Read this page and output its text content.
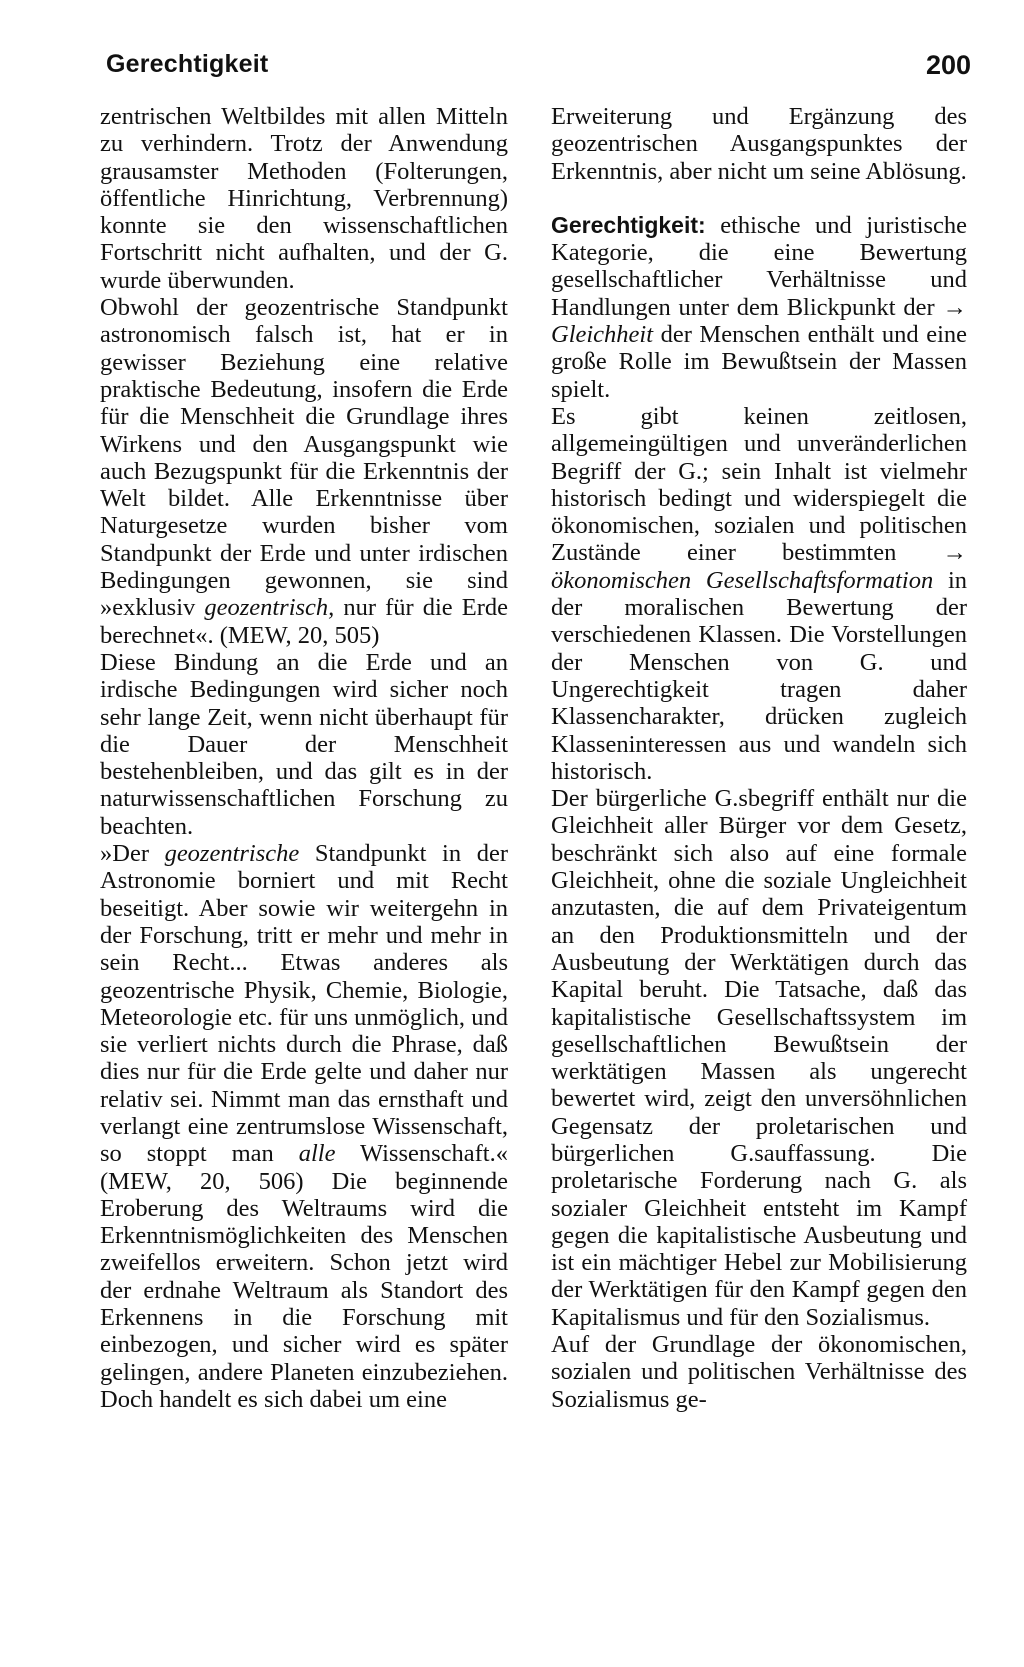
Gerechtigkeit	200

zentrischen Weltbildes mit allen Mitteln zu verhindern. Trotz der Anwendung grausamster Methoden (Folterungen, öffentliche Hinrichtung, Verbrennung) konnte sie den wissenschaftlichen Fortschritt nicht aufhalten, und der G. wurde überwunden.

Obwohl der geozentrische Standpunkt astronomisch falsch ist, hat er in gewisser Beziehung eine relative praktische Bedeutung, insofern die Erde für die Menschheit die Grundlage ihres Wirkens und den Ausgangspunkt wie auch Bezugspunkt für die Erkenntnis der Welt bildet. Alle Erkenntnisse über Naturgesetze wurden bisher vom Standpunkt der Erde und unter irdischen Bedingungen gewonnen, sie sind »exklusiv geozentrisch, nur für die Erde berechnet«. (MEW, 20, 505)

Diese Bindung an die Erde und an irdische Bedingungen wird sicher noch sehr lange Zeit, wenn nicht überhaupt für die Dauer der Menschheit bestehenbleiben, und das gilt es in der naturwissenschaftlichen Forschung zu beachten.

»Der geozentrische Standpunkt in der Astronomie borniert und mit Recht beseitigt. Aber sowie wir weitergehn in der Forschung, tritt er mehr und mehr in sein Recht... Etwas anderes als geozentrische Physik, Chemie, Biologie, Meteorologie etc. für uns unmöglich, und sie verliert nichts durch die Phrase, daß dies nur für die Erde gelte und daher nur relativ sei. Nimmt man das ernsthaft und verlangt eine zentrumslose Wissenschaft, so stoppt man alle Wissenschaft.« (MEW, 20, 506) Die beginnende Eroberung des Weltraums wird die Erkenntnismöglichkeiten des Menschen zweifellos erweitern. Schon jetzt wird der erdnahe Weltraum als Standort des Erkennens in die Forschung mit einbezogen, und sicher wird es später gelingen, andere Planeten einzubeziehen. Doch handelt es sich dabei um eine

Erweiterung und Ergänzung des geozentrischen Ausgangspunktes der Erkenntnis, aber nicht um seine Ablösung.

Gerechtigkeit: ethische und juristische Kategorie, die eine Bewertung gesellschaftlicher Verhältnisse und Handlungen unter dem Blickpunkt der → Gleichheit der Menschen enthält und eine große Rolle im Bewußtsein der Massen spielt.

Es gibt keinen zeitlosen, allgemeingültigen und unveränderlichen Begriff der G.; sein Inhalt ist vielmehr historisch bedingt und widerspiegelt die ökonomischen, sozialen und politischen Zustände einer bestimmten → ökonomischen Gesellschaftsformation in der moralischen Bewertung der verschiedenen Klassen. Die Vorstellungen der Menschen von G. und Ungerechtigkeit tragen daher Klassencharakter, drücken zugleich Klasseninteressen aus und wandeln sich historisch.

Der bürgerliche G.sbegriff enthält nur die Gleichheit aller Bürger vor dem Gesetz, beschränkt sich also auf eine formale Gleichheit, ohne die soziale Ungleichheit anzutasten, die auf dem Privateigentum an den Produktionsmitteln und der Ausbeutung der Werktätigen durch das Kapital beruht. Die Tatsache, daß das kapitalistische Gesellschaftssystem im gesellschaftlichen Bewußtsein der werktätigen Massen als ungerecht bewertet wird, zeigt den unversöhnlichen Gegensatz der proletarischen und bürgerlichen G.sauffassung. Die proletarische Forderung nach G. als sozialer Gleichheit entsteht im Kampf gegen die kapitalistische Ausbeutung und ist ein mächtiger Hebel zur Mobilisierung der Werktätigen für den Kampf gegen den Kapitalismus und für den Sozialismus.

Auf der Grundlage der ökonomischen, sozialen und politischen Verhältnisse des Sozialismus ge-
